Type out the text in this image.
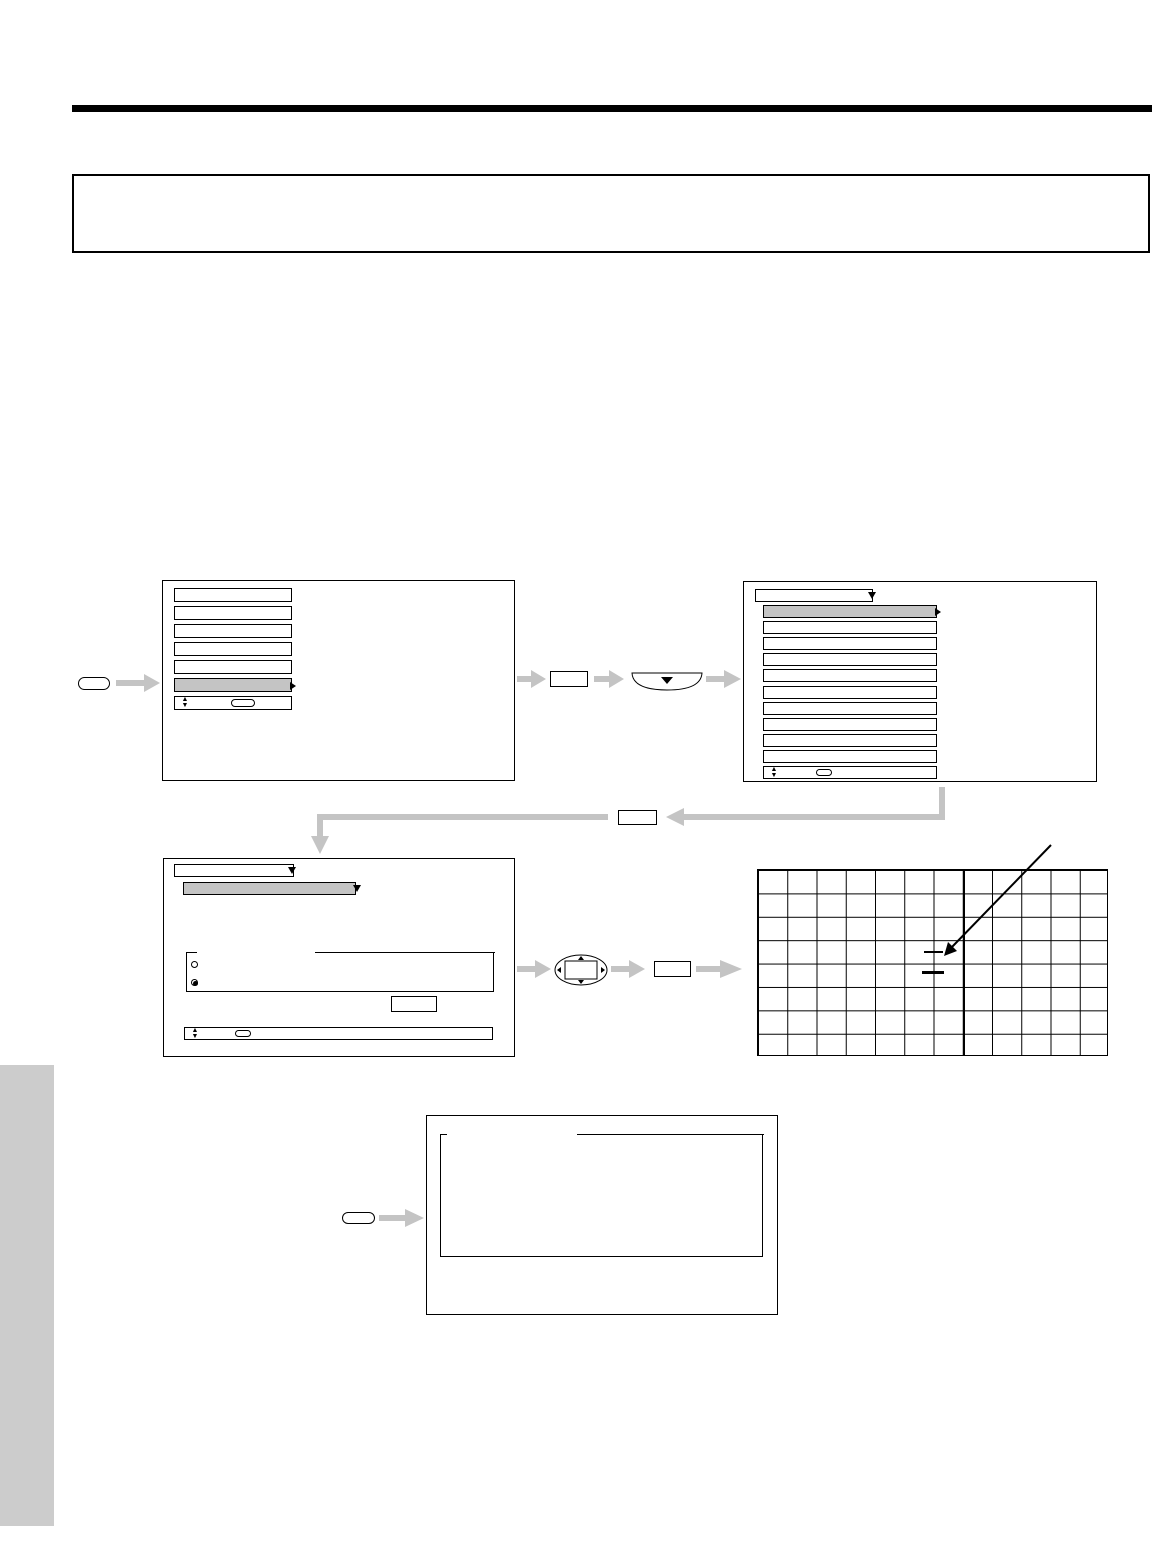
▲
▼
▲
▼
▲
▼
